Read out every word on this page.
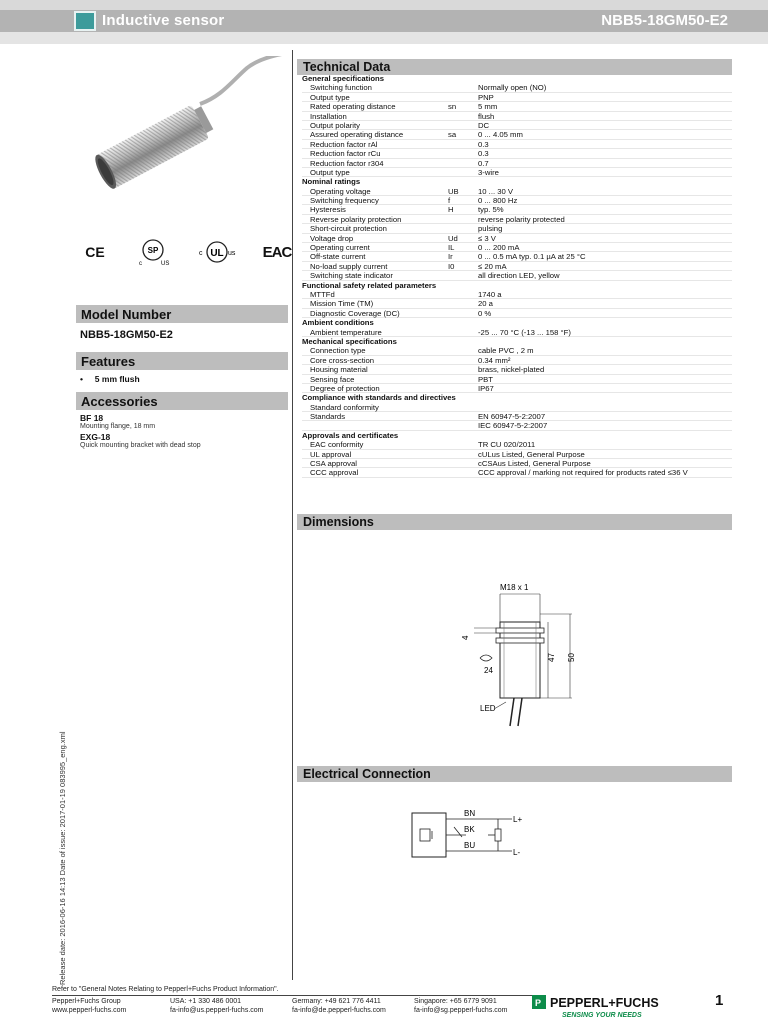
Inductive sensor	NBB5-18GM50-E2
CE	SP
c	US
UL
c	us EAC
Model Number
NBB5-18GM50-E2
Features
•     5 mm flush
Accessories
BF 18
Mounting flange, 18 mm
EXG-18
Quick mounting bracket with dead stop
Release date: 2016-06-16 14:13 Date of issue: 2017-01-19 083995_eng.xml
Technical Data
General specifications
Switching function	Normally open (NO)
Output type	PNP
Rated operating distance	sn	5 mm
Installation	flush
Output polarity	DC
Assured operating distance	sa	0 ... 4.05 mm
Reduction factor rAl	0.3
Reduction factor rCu	0.3
Reduction factor r304	0.7
Output type	3-wire
Nominal ratings
Operating voltage	UB	10 ... 30 V
Switching frequency	f	0 ... 800 Hz
Hysteresis	H	typ. 5%
Reverse polarity protection	reverse polarity protected
Short-circuit protection	pulsing
Voltage drop	Ud	≤ 3 V
Operating current	IL	0 ... 200 mA
Off-state current	Ir	0 ... 0.5 mA typ. 0.1 µA at 25 °C
No-load supply current	I0	≤ 20 mA
Switching state indicator	all direction LED, yellow
Functional safety related parameters
MTTFd	1740 a
Mission Time (TM)	20 a
Diagnostic Coverage (DC)	0 %
Ambient conditions
Ambient temperature	-25 ... 70 °C (-13 ... 158 °F)
Mechanical specifications
Connection type	cable PVC , 2 m
Core cross-section	0.34 mm²
Housing material	brass, nickel-plated
Sensing face	PBT
Degree of protection	IP67
Compliance with standards and directives
Standard conformity
Standards	EN 60947-5-2:2007
IEC 60947-5-2:2007
Approvals and certificates
EAC conformity	TR CU 020/2011
UL approval	cULus Listed, General Purpose
CSA approval	cCSAus Listed, General Purpose
CCC approval	CCC approval / marking not required for products rated ≤36 V
Dimensions
M18 x 1
4
24
47 50
LED
Electrical Connection
BN
BK
BU
L+
L-
Refer to "General Notes Relating to Pepperl+Fuchs Product Information".
Pepperl+Fuchs Group
www.pepperl-fuchs.com
USA: +1 330 486 0001
fa-info@us.pepperl-fuchs.com
Germany: +49 621 776 4411
fa-info@de.pepperl-fuchs.com
Singapore: +65 6779 9091
fa-info@sg.pepperl-fuchs.com
P PEPPERL+FUCHS
SENSING YOUR NEEDS
1
